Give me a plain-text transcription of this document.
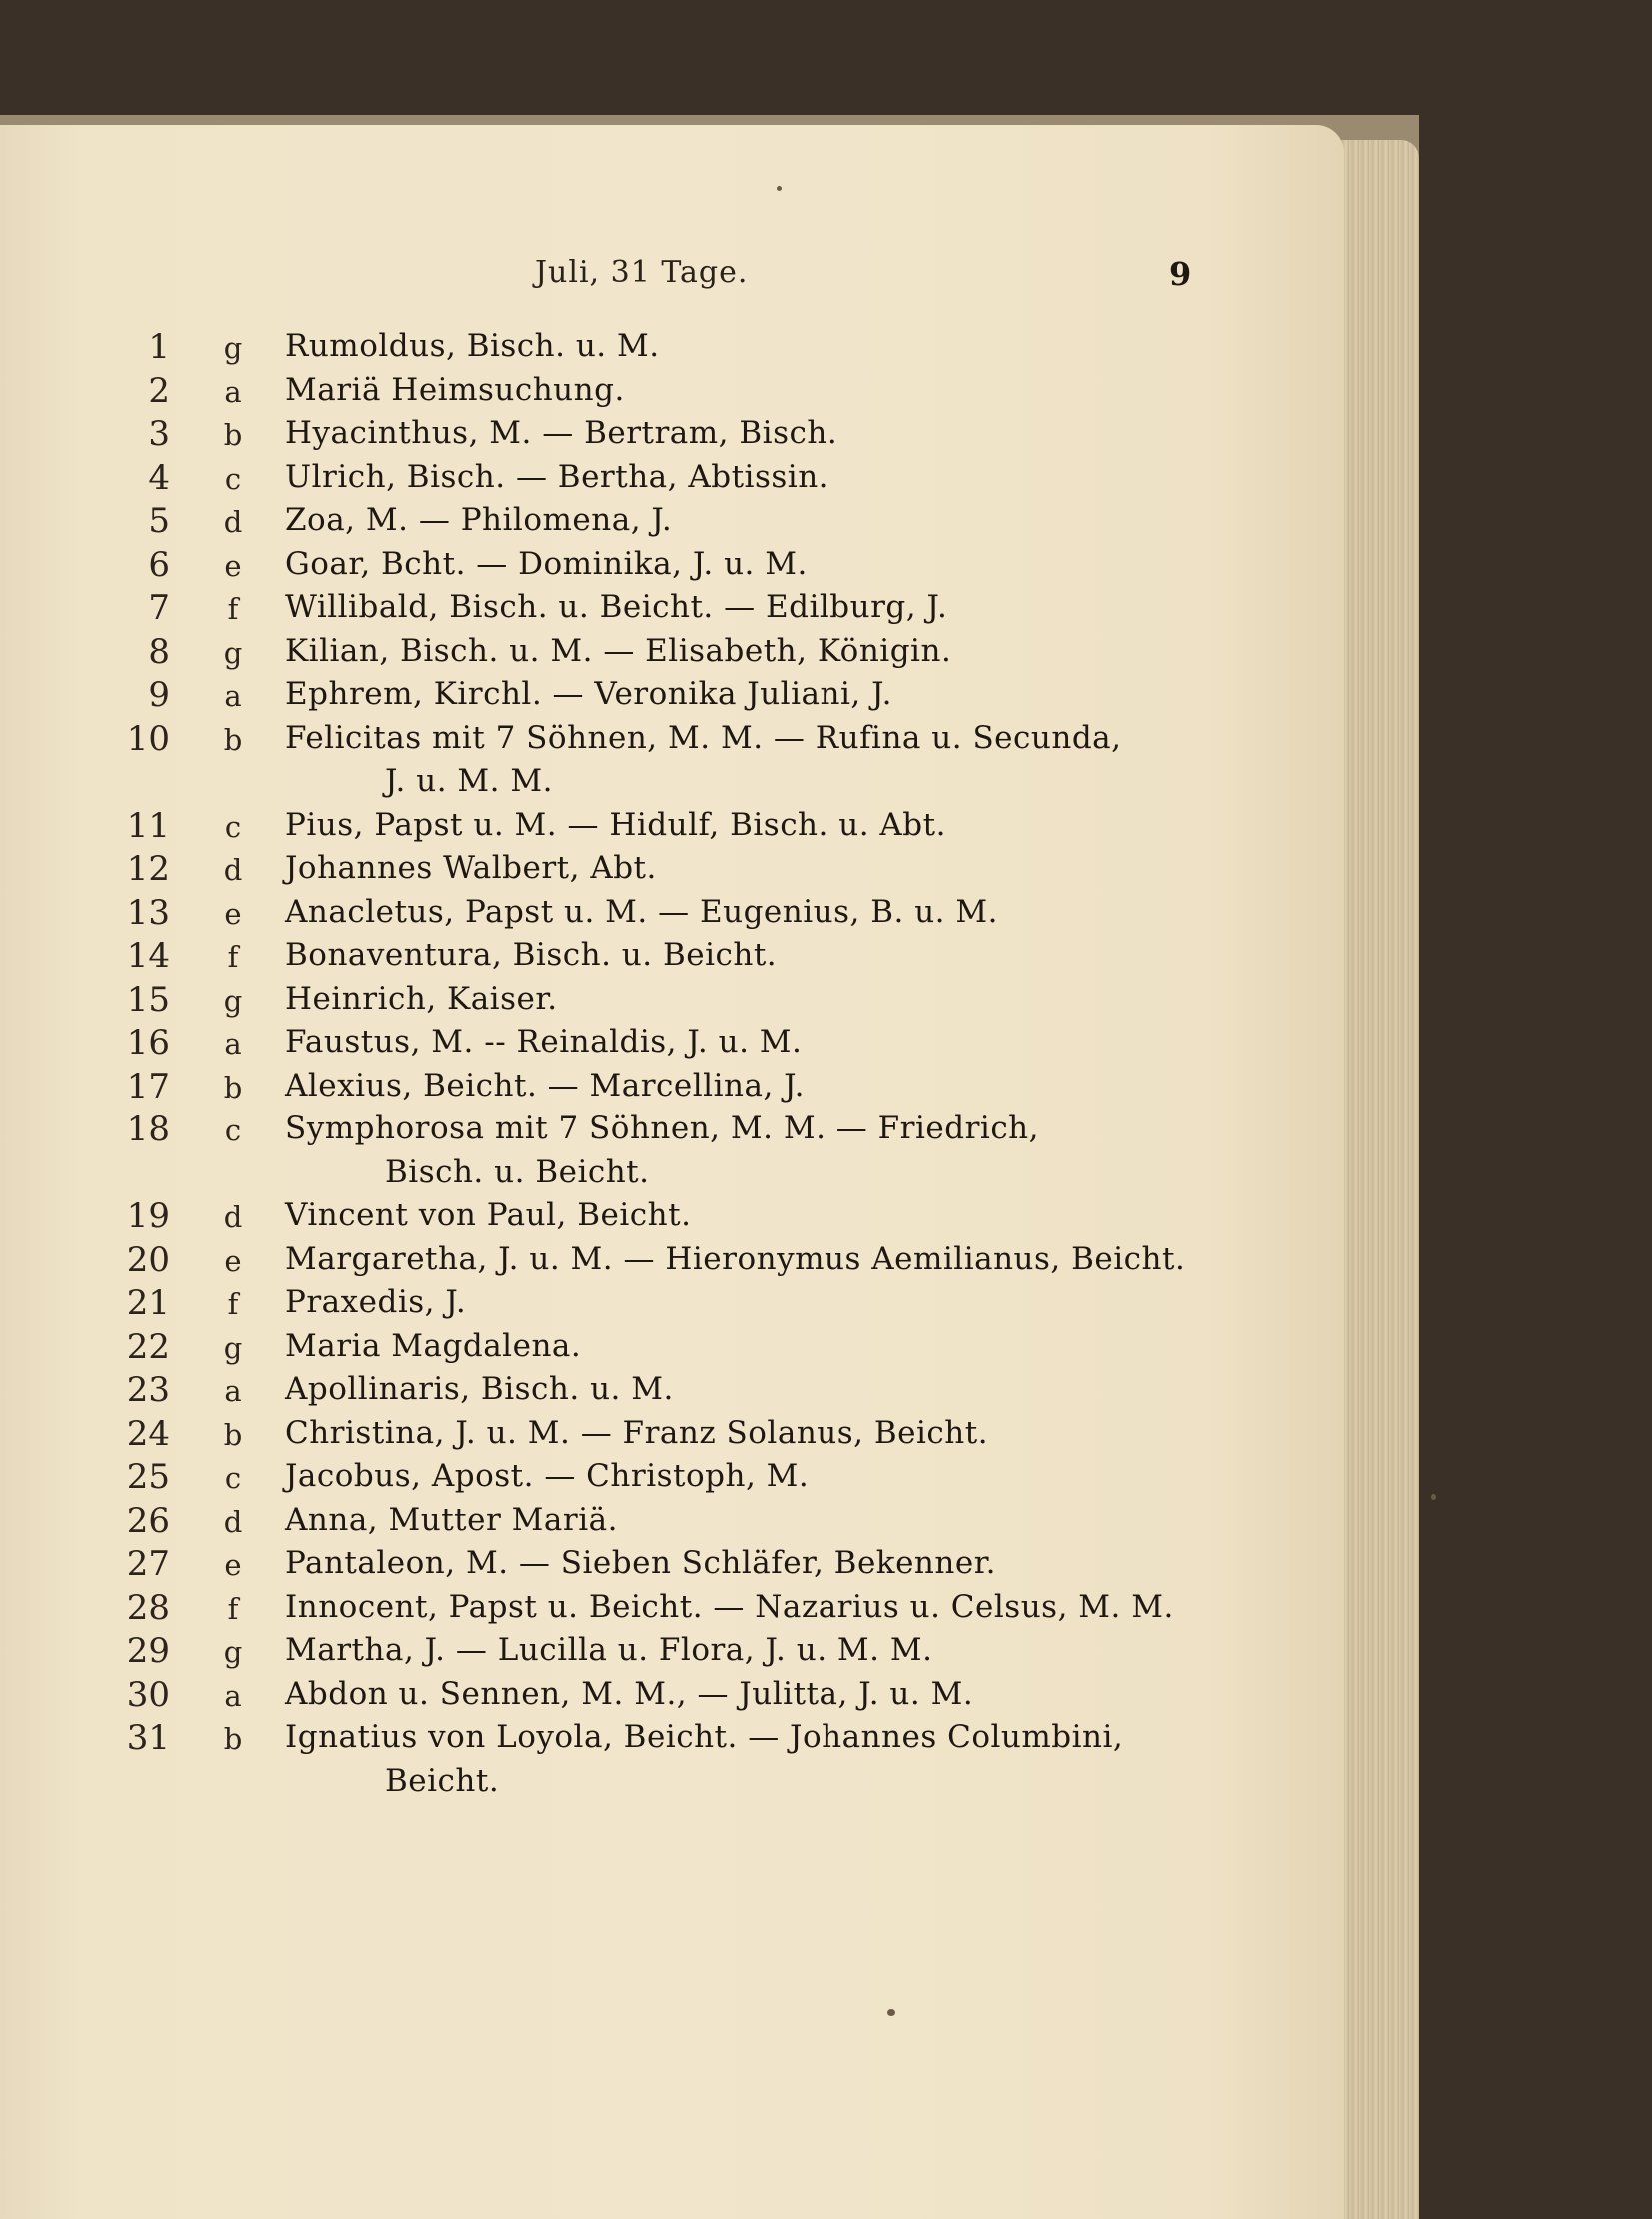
Juli, 31 Tage.	9
1 g Rumoldus, Bisch. u. M.
2 a Mariä Heimsuchung.
3 b Hyacinthus, M. — Bertram, Bisch.
4 c Ulrich, Bisch. — Bertha, Abtissin.
5 d Zoa, M. — Philomena, J.
6 e Goar, Bcht. — Dominika, J. u. M.
7	f	Willibald, Bisch. u. Beicht. — Edilburg, J.
8 g Kilian, Bisch. u. M. — Elisabeth, Königin.
9 a Ephrem, Kirchl. — Veronika Juliani, J.
10 b Felicitas mit 7 Söhnen, M. M. — Rufina u. Secunda,
J. u. M. M.
11 c Pius, Papst u. M. — Hidulf, Bisch. u. Abt.
12 d Johannes Walbert, Abt.
13 e Anacletus, Papst u. M. — Eugenius, B. u. M.
14	f	Bonaventura, Bisch. u. Beicht.
15 g Heinrich, Kaiser.
16 a Faustus, M. -- Reinaldis, J. u. M.
17 b Alexius, Beicht. — Marcellina, J.
18 c Symphorosa mit 7 Söhnen, M. M. — Friedrich,
Bisch. u. Beicht.
19 d Vincent von Paul, Beicht.
20 e Margaretha, J. u. M. — Hieronymus Aemilianus, Beicht.
21	f	Praxedis, J.
22 g Maria Magdalena.
23 a Apollinaris, Bisch. u. M.
24 b Christina, J. u. M. — Franz Solanus, Beicht.
25 c Jacobus, Apost. — Christoph, M.
26 d Anna, Mutter Mariä.
27 e Pantaleon, M. — Sieben Schläfer, Bekenner.
28	f	Innocent, Papst u. Beicht. — Nazarius u. Celsus, M. M.
29 g Martha, J. — Lucilla u. Flora, J. u. M. M.
30 a Abdon u. Sennen, M. M., — Julitta, J. u. M.
31 b Ignatius von Loyola, Beicht. — Johannes Columbini,
Beicht.
